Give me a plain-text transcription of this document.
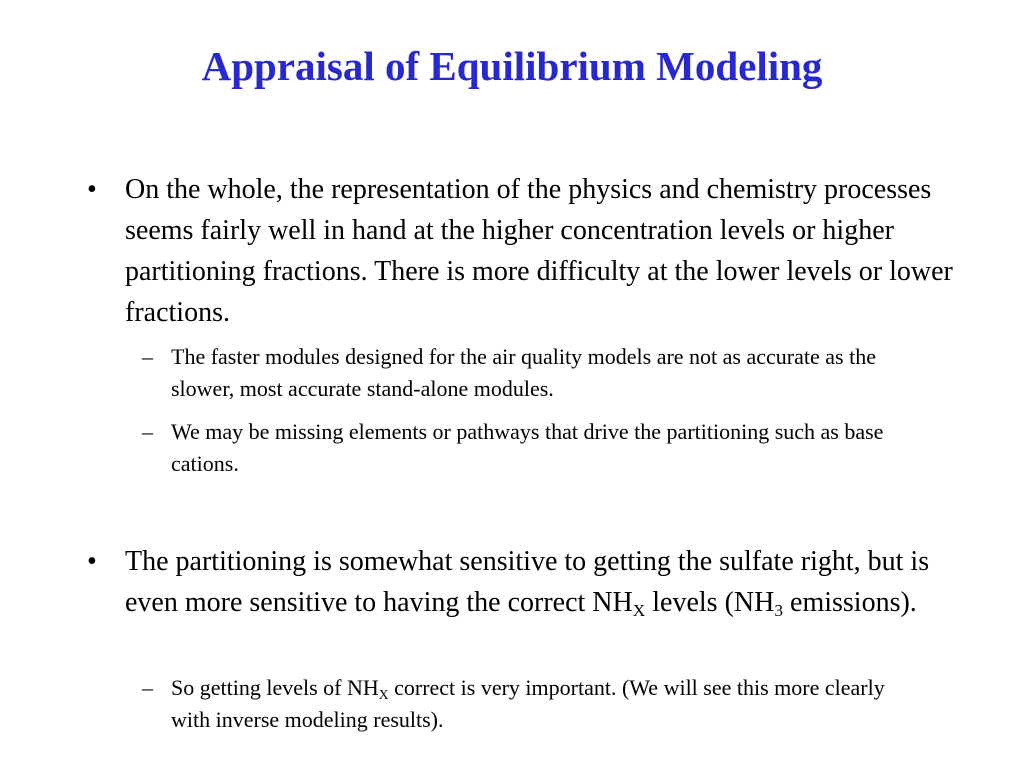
Appraisal of Equilibrium Modeling
• On the whole, the representation of the physics and chemistry processes seems fairly well in hand at the higher concentration levels or higher partitioning fractions. There is more difficulty at the lower levels or lower fractions.
– The faster modules designed for the air quality models are not as accurate as the slower, most accurate stand-alone modules.
– We may be missing elements or pathways that drive the partitioning such as base cations.
• The partitioning is somewhat sensitive to getting the sulfate right, but is even more sensitive to having the correct $NH_X$ levels ($NH_3$ emissions).
– So getting levels of $NH_X$ correct is very important. (We will see this more clearly with inverse modeling results).
